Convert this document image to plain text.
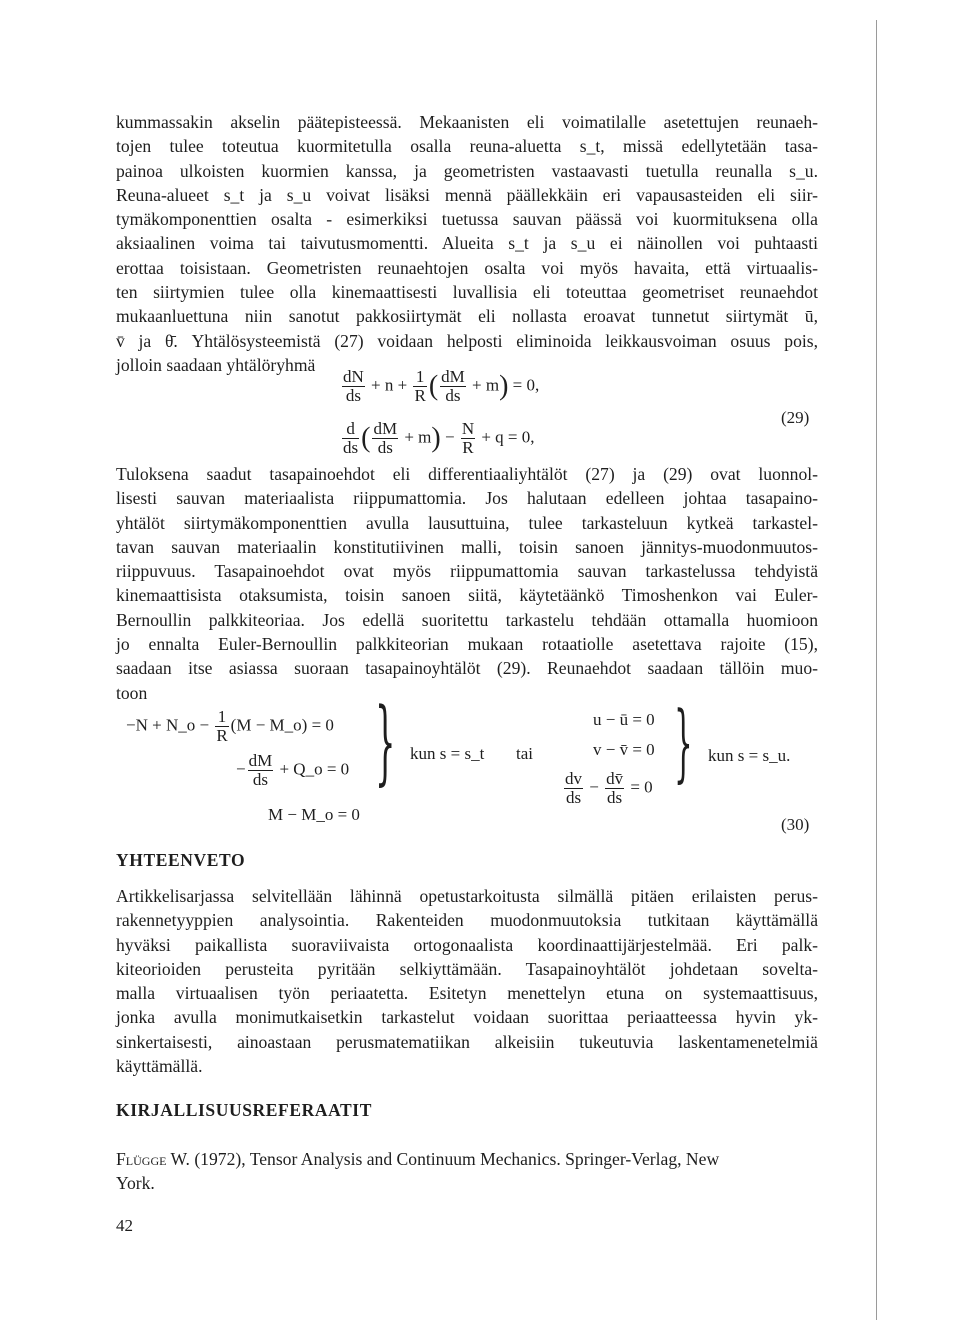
kummassakin akselin päätepisteessä. Mekaanisten eli voimatilalle asetettujen reunaeh-
tojen tulee toteutua kuormitetulla osalla reuna-aluetta s_t, missä edellytetään tasa-
painoa ulkoisten kuormien kanssa, ja geometristen vastaavasti tuetulla reunalla s_u.
Reuna-alueet s_t ja s_u voivat lisäksi mennä päällekkäin eri vapausasteiden eli siir-
tymäkomponenttien osalta - esimerkiksi tuetussa sauvan päässä voi kuormituksena olla
aksiaalinen voima tai taivutusmomentti. Alueita s_t ja s_u ei näinollen voi puhtaasti
erottaa toisistaan. Geometristen reunaehtojen osalta voi myös havaita, että virtuaalis-
ten siirtymien tulee olla kinemaattisesti luvallisia eli toteuttaa geometriset reunaehdot
mukaanluettuna niin sanotut pakkosiirtymät eli nollasta eroavat tunnetut siirtymät ū,
v̄ ja θ̄. Yhtälösysteemistä (27) voidaan helposti eliminoida leikkausvoiman osuus pois,
jolloin saadaan yhtälöryhmä
$\frac{dN}{ds} + n + \frac{1}{R}$ ( $\frac{dM}{ds} + m) = 0$,
$\frac{d}{ds}$ ( $\frac{dM}{ds} + m) - \frac{N}{R} + q = 0$,
(29)
Tuloksena saadut tasapainoehdot eli differentiaaliyhtälöt (27) ja (29) ovat luonnol-
lisesti sauvan materiaalista riippumattomia. Jos halutaan edelleen johtaa tasapaino-
yhtälöt siirtymäkomponenttien avulla lausuttuina, tulee tarkasteluun kytkeä tarkastel-
tavan sauvan materiaalin konstitutiivinen malli, toisin sanoen jännitys-muodonmuutos-
riippuvuus. Tasapainoehdot ovat myös riippumattomia sauvan tarkastelussa tehdyistä
kinemaattisista otaksumista, toisin sanoen siitä, käytetäänkö Timoshenkon vai Euler-
Bernoullin palkkiteoriaa. Jos edellä suoritettu tarkastelu tehdään ottamalla huomioon
jo ennalta Euler-Bernoullin palkkiteorian mukaan rotaatiolle asetettava rajoite (15),
saadaan itse asiassa suoraan tasapainoyhtälöt (29). Reunaehdot saadaan tällöin muo-
toon
−N + N_o − $\frac{1}{R} (M$ − M_o) = 0
− $\frac{dM}{ds}$ + Q_o = 0
M − M_o = 0
} kun s = s_t tai
u − ū = 0
v − v̄ = 0
$\frac{dv}{ds} - \frac{dv̄}{ds} = 0$ } kun s = s_u.
(30)
YHTEENVETO
Artikkelisarjassa selvitellään lähinnä opetustarkoitusta silmällä pitäen erilaisten perus-
rakennetyyppien analysointia. Rakenteiden muodonmuutoksia tutkitaan käyttämällä
hyväksi paikallista suoraviivaista ortogonaalista koordinaattijärjestelmää. Eri palk-
kiteorioiden perusteita pyritään selkiyttämään. Tasapainoyhtälöt johdetaan soveltа-
malla virtuaalisen työn periaatetta. Esitetyn menettelyn etuna on systemaattisuus,
jonka avulla monimutkaisetkin tarkastelut voidaan suorittaa periaatteessa hyvin yk-
sinkertaisesti, ainoastaan perusmatematiikan alkeisiin tukeutuvia laskentamenetelmiä
käyttämällä.
KIRJALLISUUSREFERAATIT
Flügge W. (1972), Tensor Analysis and Continuum Mechanics. Springer-Verlag, New
York.
42
